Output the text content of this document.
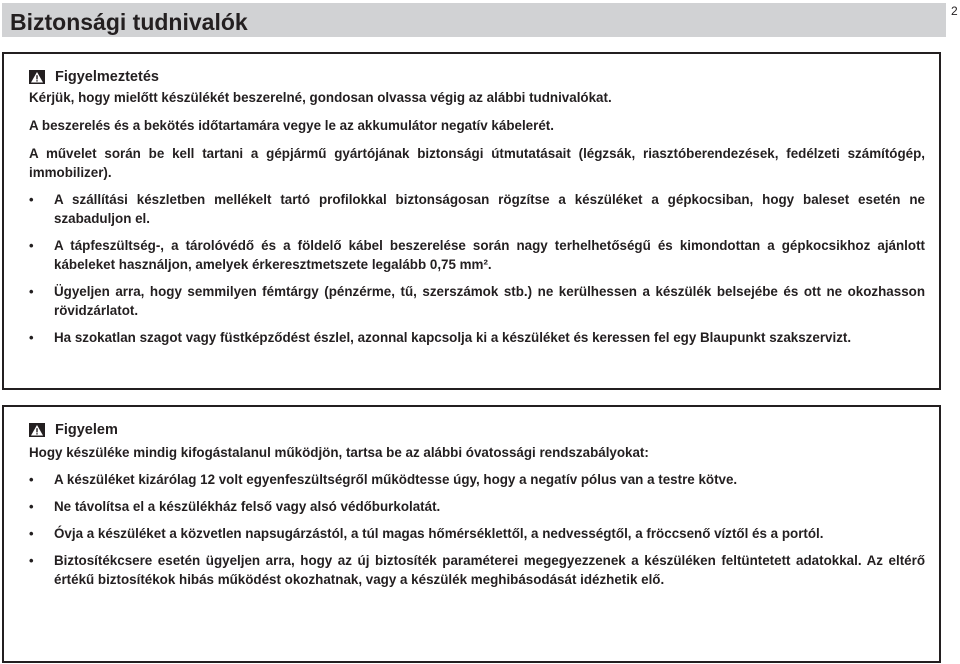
Biztonsági tudnivalók	2
Figyelmeztetés

Kérjük, hogy mielőtt készülékét beszerelné, gondosan olvassa végig az alábbi tudnivalókat.

A beszerelés és a bekötés időtartamára vegye le az akkumulátor negatív kábelerét.

A művelet során be kell tartani a gépjármű gyártójának biztonsági útmutatásait (légzsák, riasztóberendezések, fedélzeti számítógép, immobilizer).

• A szállítási készletben mellékelt tartó profilokkal biztonságosan rögzítse a készüléket a gépkocsiban, hogy baleset esetén ne szabaduljon el.
• A tápfeszültség-, a tárolóvédő és a földelő kábel beszerelése során nagy terhelhetőségű és kimondottan a gépkocsikhoz ajánlott kábeleket használjon, amelyek érkeresztmetszete legalább 0,75 mm².
• Ügyeljen arra, hogy semmilyen fémtárgy (pénzérme, tű, szerszámok stb.) ne kerülhessen a készülék belsejébe és ott ne okozhasson rövidzárlatot.
• Ha szokatlan szagot vagy füstképződést észlel, azonnal kapcsolja ki a készüléket és keressen fel egy Blaupunkt szakszervizt.
Figyelem

Hogy készüléke mindig kifogástalanul működjön, tartsa be az alábbi óvatossági rendszabályokat:

• A készüléket kizárólag 12 volt egyenfeszültségről működtesse úgy, hogy a negatív pólus van a testre kötve.
• Ne távolítsa el a készülékház felső vagy alsó védőburkolatát.
• Óvja a készüléket a közvetlen napsugárzástól, a túl magas hőmérséklettől, a nedvességtől, a fröccsenő víztől és a portól.
• Biztosítékcsere esetén ügyeljen arra, hogy az új biztosíték paraméterei megegyezzenek a készüléken feltüntetett adatokkal. Az eltérő értékű biztosítékok hibás működést okozhatnak, vagy a készülék meghibásodását idézhetik elő.
